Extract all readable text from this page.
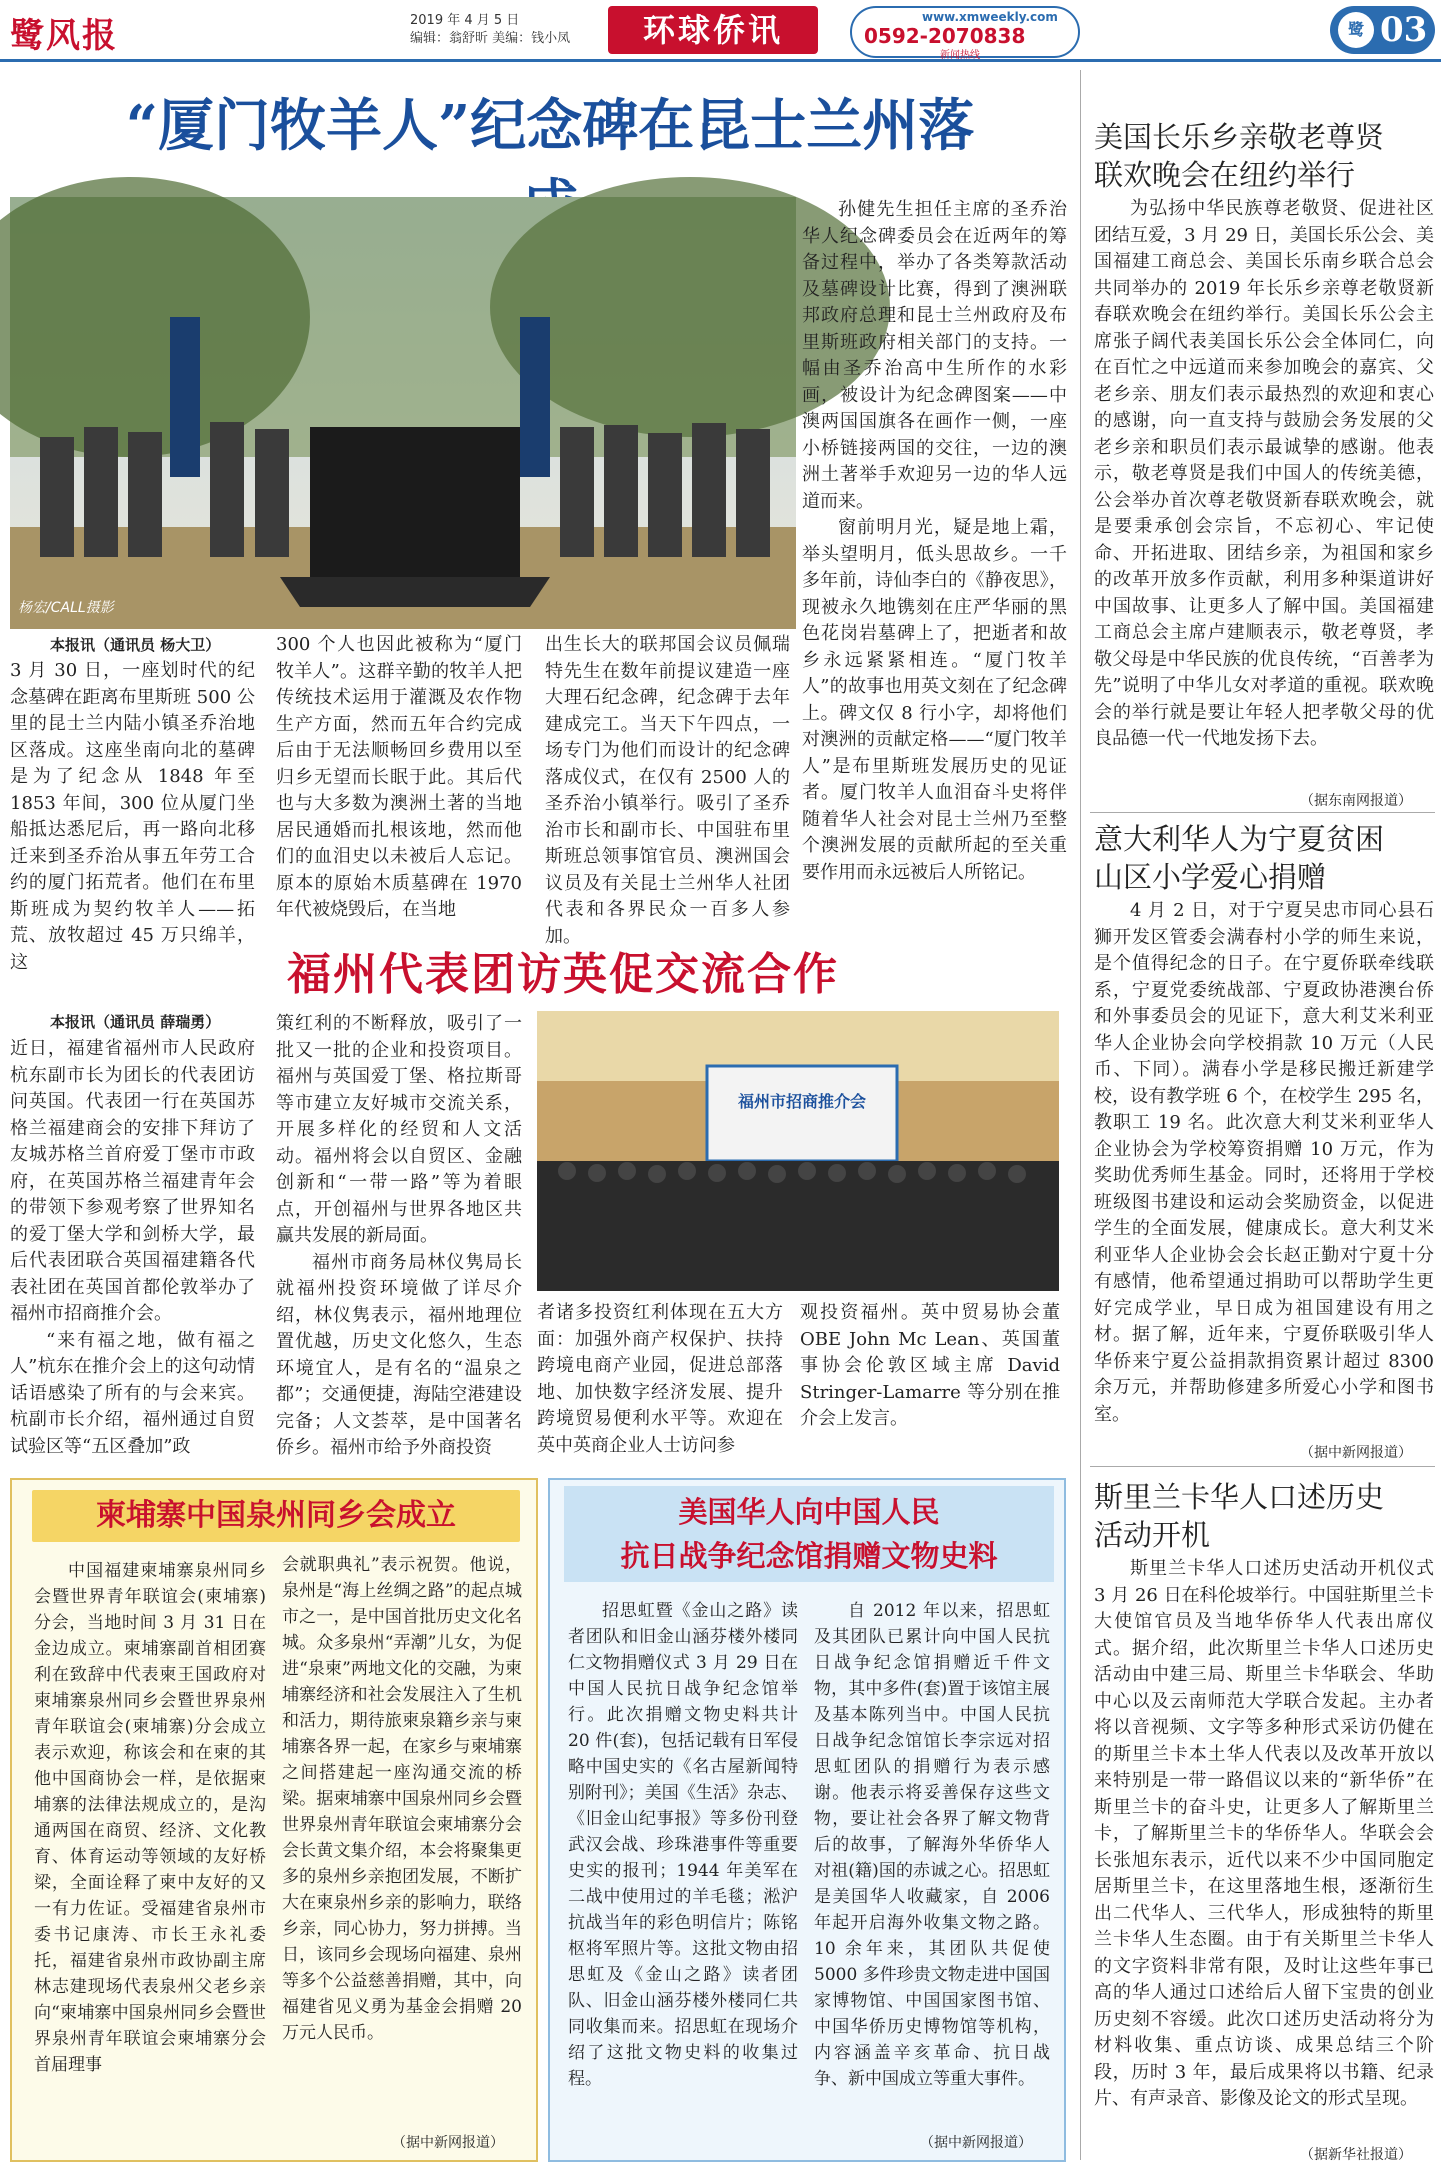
鹭风报	2019 年 4 月 5 日
编辑：翁舒昕 美编：钱小凤	环球侨讯	www.xmweekly.com
0592-2070838
新闻热线
鹭 03
“厦门牧羊人”纪念碑在昆士兰州落
杨宏/CALL摄影
本报讯（通讯员 杨大卫）

3 月 30 日，一座划时代的纪念墓碑在距离布里斯班 500 公里的昆士兰内陆小镇圣乔治地区落成。这座坐南向北的墓碑是为了纪念从 1848 年至 1853 年间，300 位从厦门坐船抵达悉尼后，再一路向北移迁来到圣乔治从事五年劳工合约的厦门拓荒者。他们在布里斯班成为契约牧羊人——拓荒、放牧超过 45 万只绵羊，这

300 个人也因此被称为“厦门牧羊人”。这群辛勤的牧羊人把传统技术运用于灌溉及农作物生产方面，然而五年合约完成后由于无法顺畅回乡费用以至归乡无望而长眠于此。其后代也与大多数为澳洲土著的当地居民通婚而扎根该地，然而他们的血泪史以未被后人忘记。原本的原始木质墓碑在 1970 年代被烧毁后，在当地

出生长大的联邦国会议员佩瑞特先生在数年前提议建造一座大理石纪念碑，纪念碑于去年建成完工。当天下午四点，一场专门为他们而设计的纪念碑落成仪式，在仅有 2500 人的圣乔治小镇举行。吸引了圣乔治市长和副市长、中国驻布里斯班总领事馆官员、澳洲国会议员及有关昆士兰州华人社团代表和各界民众一百多人参加。

孙健先生担任主席的圣乔治华人纪念碑委员会在近两年的筹备过程中，举办了各类筹款活动及墓碑设计比赛，得到了澳洲联邦政府总理和昆士兰州政府及布里斯班政府相关部门的支持。一幅由圣乔治高中生所作的水彩画，被设计为纪念碑图案——中澳两国国旗各在画作一侧，一座小桥链接两国的交往，一边的澳洲土著举手欢迎另一边的华人远道而来。

窗前明月光，疑是地上霜，举头望明月，低头思故乡。一千多年前，诗仙李白的《静夜思》，现被永久地镌刻在庄严华丽的黑色花岗岩墓碑上了，把逝者和故乡永远紧紧相连。“厦门牧羊人”的故事也用英文刻在了纪念碑上。碑文仅 8 行小字，却将他们对澳洲的贡献定格——“厦门牧羊人”是布里斯班发展历史的见证者。厦门牧羊人血泪奋斗史将伴随着华人社会对昆士兰州乃至整个澳洲发展的贡献所起的至关重要作用而永远被后人所铭记。

福州代表团访英促交流合作
本报讯（通讯员 薛瑞勇）

近日，福建省福州市人民政府杭东副市长为团长的代表团访问英国。代表团一行在英国苏格兰福建商会的安排下拜访了友城苏格兰首府爱丁堡市市政府，在英国苏格兰福建青年会的带领下参观考察了世界知名的爱丁堡大学和剑桥大学，最后代表团联合英国福建籍各代表社团在英国首都伦敦举办了福州市招商推介会。

“来有福之地，做有福之人”杭东在推介会上的这句动情话语感染了所有的与会来宾。杭副市长介绍，福州通过自贸试验区等“五区叠加”政

策红利的不断释放，吸引了一批又一批的企业和投资项目。福州与英国爱丁堡、格拉斯哥等市建立友好城市交流关系，开展多样化的经贸和人文活动。福州将会以自贸区、金融创新和“一带一路”等为着眼点，开创福州与世界各地区共赢共发展的新局面。

福州市商务局林仪隽局长就福州投资环境做了详尽介绍，林仪隽表示，福州地理位置优越，历史文化悠久，生态环境宜人，是有名的“温泉之都”；交通便捷，海陆空港建设完备；人文荟萃，是中国著名侨乡。福州市给予外商投资

福州市招商推介会

者诸多投资红利体现在五大方面：加强外商产权保护、扶持跨境电商产业园，促进总部落地、加快数字经济发展、提升跨境贸易便利水平等。欢迎在英中英商企业人士访问参

观投资福州。英中贸易协会董 OBE John Mc Lean、英国董事协会伦敦区域主席 David Stringer-Lamarre 等分别在推介会上发言。

柬埔寨中国泉州同乡会成立

中国福建柬埔寨泉州同乡会暨世界青年联谊会(柬埔寨)分会，当地时间 3 月 31 日在金边成立。柬埔寨副首相团赛利在致辞中代表柬王国政府对柬埔寨泉州同乡会暨世界泉州青年联谊会(柬埔寨)分会成立表示欢迎，称该会和在柬的其他中国商协会一样，是依据柬埔寨的法律法规成立的，是沟通两国在商贸、经济、文化教育、体育运动等领域的友好桥梁，全面诠释了柬中友好的又一有力佐证。受福建省泉州市委书记康涛、市长王永礼委托，福建省泉州市政协副主席林志建现场代表泉州父老乡亲向“柬埔寨中国泉州同乡会暨世界泉州青年联谊会柬埔寨分会首届理事

会就职典礼”表示祝贺。他说，泉州是“海上丝绸之路”的起点城市之一，是中国首批历史文化名城。众多泉州“弄潮”儿女，为促进“泉柬”两地文化的交融，为柬埔寨经济和社会发展注入了生机和活力，期待旅柬泉籍乡亲与柬埔寨各界一起，在家乡与柬埔寨之间搭建起一座沟通交流的桥梁。据柬埔寨中国泉州同乡会暨世界泉州青年联谊会柬埔寨分会会长黄文集介绍，本会将聚集更多的泉州乡亲抱团发展，不断扩大在柬泉州乡亲的影响力，联络乡亲，同心协力，努力拼搏。当日，该同乡会现场向福建、泉州等多个公益慈善捐赠，其中，向福建省见义勇为基金会捐赠 20 万元人民币。

（据中新网报道）
美国华人向中国人民
抗日战争纪念馆捐赠文物史料

招思虹暨《金山之路》读者团队和旧金山涵芬楼外楼同仁文物捐赠仪式 3 月 29 日在中国人民抗日战争纪念馆举行。此次捐赠文物史料共计 20 件(套)，包括记载有日军侵略中国史实的《名古屋新闻特别附刊》；美国《生活》杂志、《旧金山纪事报》等多份刊登武汉会战、珍珠港事件等重要史实的报刊；1944 年美军在二战中使用过的羊毛毯；淞沪抗战当年的彩色明信片；陈铭枢将军照片等。这批文物由招思虹及《金山之路》读者团队、旧金山涵芬楼外楼同仁共同收集而来。招思虹在现场介绍了这批文物史料的收集过程。

自 2012 年以来，招思虹及其团队已累计向中国人民抗日战争纪念馆捐赠近千件文物，其中多件(套)置于该馆主展及基本陈列当中。中国人民抗日战争纪念馆馆长李宗远对招思虹团队的捐赠行为表示感谢。他表示将妥善保存这些文物，要让社会各界了解文物背后的故事，了解海外华侨华人对祖(籍)国的赤诚之心。招思虹是美国华人收藏家，自 2006 年起开启海外收集文物之路。10 余年来，其团队共促使 5000 多件珍贵文物走进中国国家博物馆、中国国家图书馆、中国华侨历史博物馆等机构，内容涵盖辛亥革命、抗日战争、新中国成立等重大事件。

（据中新网报道）
美国长乐乡亲敬老尊贤
联欢晚会在纽约举行

为弘扬中华民族尊老敬贤、促进社区团结互爱，3 月 29 日，美国长乐公会、美国福建工商总会、美国长乐南乡联合总会共同举办的 2019 年长乐乡亲尊老敬贤新春联欢晚会在纽约举行。美国长乐公会主席张子阔代表美国长乐公会全体同仁，向在百忙之中远道而来参加晚会的嘉宾、父老乡亲、朋友们表示最热烈的欢迎和衷心的感谢，向一直支持与鼓励会务发展的父老乡亲和职员们表示最诚挚的感谢。他表示，敬老尊贤是我们中国人的传统美德，公会举办首次尊老敬贤新春联欢晚会，就是要秉承创会宗旨，不忘初心、牢记使命、开拓进取、团结乡亲，为祖国和家乡的改革开放多作贡献，利用多种渠道讲好中国故事、让更多人了解中国。美国福建工商总会主席卢建顺表示，敬老尊贤，孝敬父母是中华民族的优良传统，“百善孝为先”说明了中华儿女对孝道的重视。联欢晚会的举行就是要让年轻人把孝敬父母的优良品德一代一代地发扬下去。

（据东南网报道）
意大利华人为宁夏贫困
山区小学爱心捐赠

4 月 2 日，对于宁夏吴忠市同心县石狮开发区管委会满春村小学的师生来说，是个值得纪念的日子。在宁夏侨联牵线联系，宁夏党委统战部、宁夏政协港澳台侨和外事委员会的见证下，意大利艾米利亚华人企业协会向学校捐款 10 万元（人民币、下同）。满春小学是移民搬迁新建学校，设有教学班 6 个，在校学生 295 名，教职工 19 名。此次意大利艾米利亚华人企业协会为学校筹资捐赠 10 万元，作为奖助优秀师生基金。同时，还将用于学校班级图书建设和运动会奖励资金，以促进学生的全面发展，健康成长。意大利艾米利亚华人企业协会会长赵正勤对宁夏十分有感情，他希望通过捐助可以帮助学生更好完成学业，早日成为祖国建设有用之材。据了解，近年来，宁夏侨联吸引华人华侨来宁夏公益捐款捐资累计超过 8300 余万元，并帮助修建多所爱心小学和图书室。

（据中新网报道）
斯里兰卡华人口述历史
活动开机

斯里兰卡华人口述历史活动开机仪式 3 月 26 日在科伦坡举行。中国驻斯里兰卡大使馆官员及当地华侨华人代表出席仪式。据介绍，此次斯里兰卡华人口述历史活动由中建三局、斯里兰卡华联会、华助中心以及云南师范大学联合发起。主办者将以音视频、文字等多种形式采访仍健在的斯里兰卡本土华人代表以及改革开放以来特别是一带一路倡议以来的“新华侨”在斯里兰卡的奋斗史，让更多人了解斯里兰卡，了解斯里兰卡的华侨华人。华联会会长张旭东表示，近代以来不少中国同胞定居斯里兰卡，在这里落地生根，逐渐衍生出二代华人、三代华人，形成独特的斯里兰卡华人生态圈。由于有关斯里兰卡华人的文字资料非常有限，及时让这些年事已高的华人通过口述给后人留下宝贵的创业历史刻不容缓。此次口述历史活动将分为材料收集、重点访谈、成果总结三个阶段，历时 3 年，最后成果将以书籍、纪录片、有声录音、影像及论文的形式呈现。

（据新华社报道）
